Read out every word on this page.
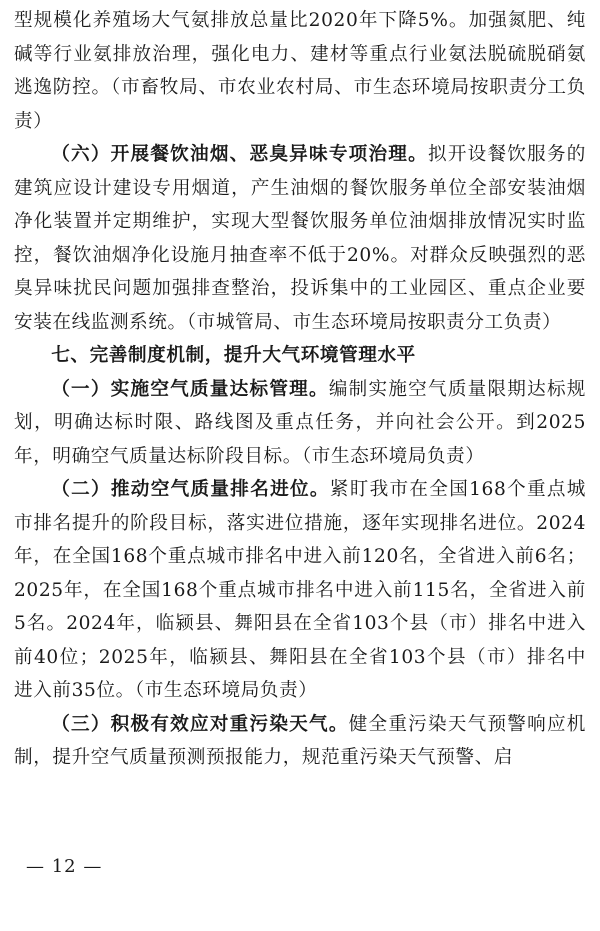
型规模化养殖场大气氨排放总量比2020年下降5%。加强氮肥、纯碱等行业氨排放治理，强化电力、建材等重点行业氨法脱硫脱硝氨逃逸防控。（市畜牧局、市农业农村局、市生态环境局按职责分工负责）

（六）开展餐饮油烟、恶臭异味专项治理。拟开设餐饮服务的建筑应设计建设专用烟道，产生油烟的餐饮服务单位全部安装油烟净化装置并定期维护，实现大型餐饮服务单位油烟排放情况实时监控，餐饮油烟净化设施月抽查率不低于20%。对群众反映强烈的恶臭异味扰民问题加强排查整治，投诉集中的工业园区、重点企业要安装在线监测系统。（市城管局、市生态环境局按职责分工负责）

七、完善制度机制，提升大气环境管理水平

（一）实施空气质量达标管理。编制实施空气质量限期达标规划，明确达标时限、路线图及重点任务，并向社会公开。到2025年，明确空气质量达标阶段目标。（市生态环境局负责）

（二）推动空气质量排名进位。紧盯我市在全国168个重点城市排名提升的阶段目标，落实进位措施，逐年实现排名进位。2024年，在全国168个重点城市排名中进入前120名，全省进入前6名；2025年，在全国168个重点城市排名中进入前115名，全省进入前5名。2024年，临颍县、舞阳县在全省103个县（市）排名中进入前40位；2025年，临颍县、舞阳县在全省103个县（市）排名中进入前35位。（市生态环境局负责）

（三）积极有效应对重污染天气。健全重污染天气预警响应机制，提升空气质量预测预报能力，规范重污染天气预警、启

— 12 —
